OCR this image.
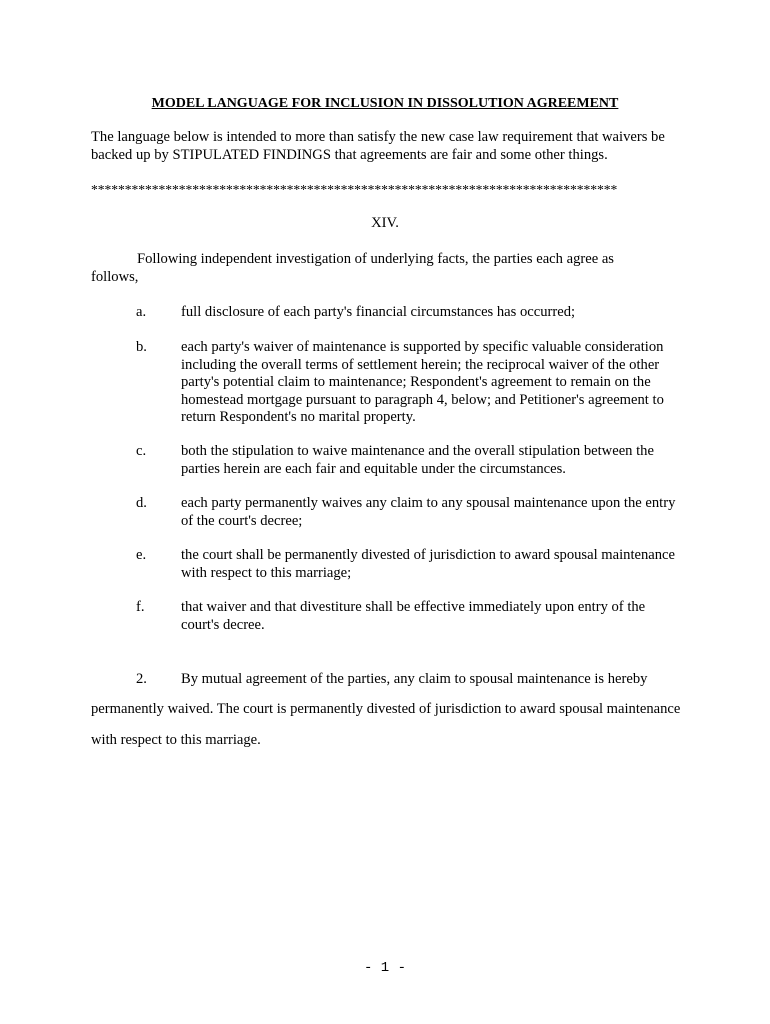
MODEL LANGUAGE FOR INCLUSION IN DISSOLUTION AGREEMENT
The language below is intended to more than satisfy the new case law requirement that waivers be backed up by STIPULATED FINDINGS that agreements are fair and some other things.
******************************************************************************
XIV.
Following independent investigation of underlying facts, the parties each agree as follows,
a. full disclosure of each party's financial circumstances has occurred;
b. each party's waiver of maintenance is supported by specific valuable consideration including the overall terms of settlement herein; the reciprocal waiver of the other party's potential claim to maintenance; Respondent's agreement to remain on the homestead mortgage pursuant to paragraph 4, below; and Petitioner's agreement to return Respondent's no marital property.
c. both the stipulation to waive maintenance and the overall stipulation between the parties herein are each fair and equitable under the circumstances.
d. each party permanently waives any claim to any spousal maintenance upon the entry of the court's decree;
e. the court shall be permanently divested of jurisdiction to award spousal maintenance with respect to this marriage;
f. that waiver and that divestiture shall be effective immediately upon entry of the court's decree.
2. By mutual agreement of the parties, any claim to spousal maintenance is hereby permanently waived. The court is permanently divested of jurisdiction to award spousal maintenance with respect to this marriage.
- 1 -
